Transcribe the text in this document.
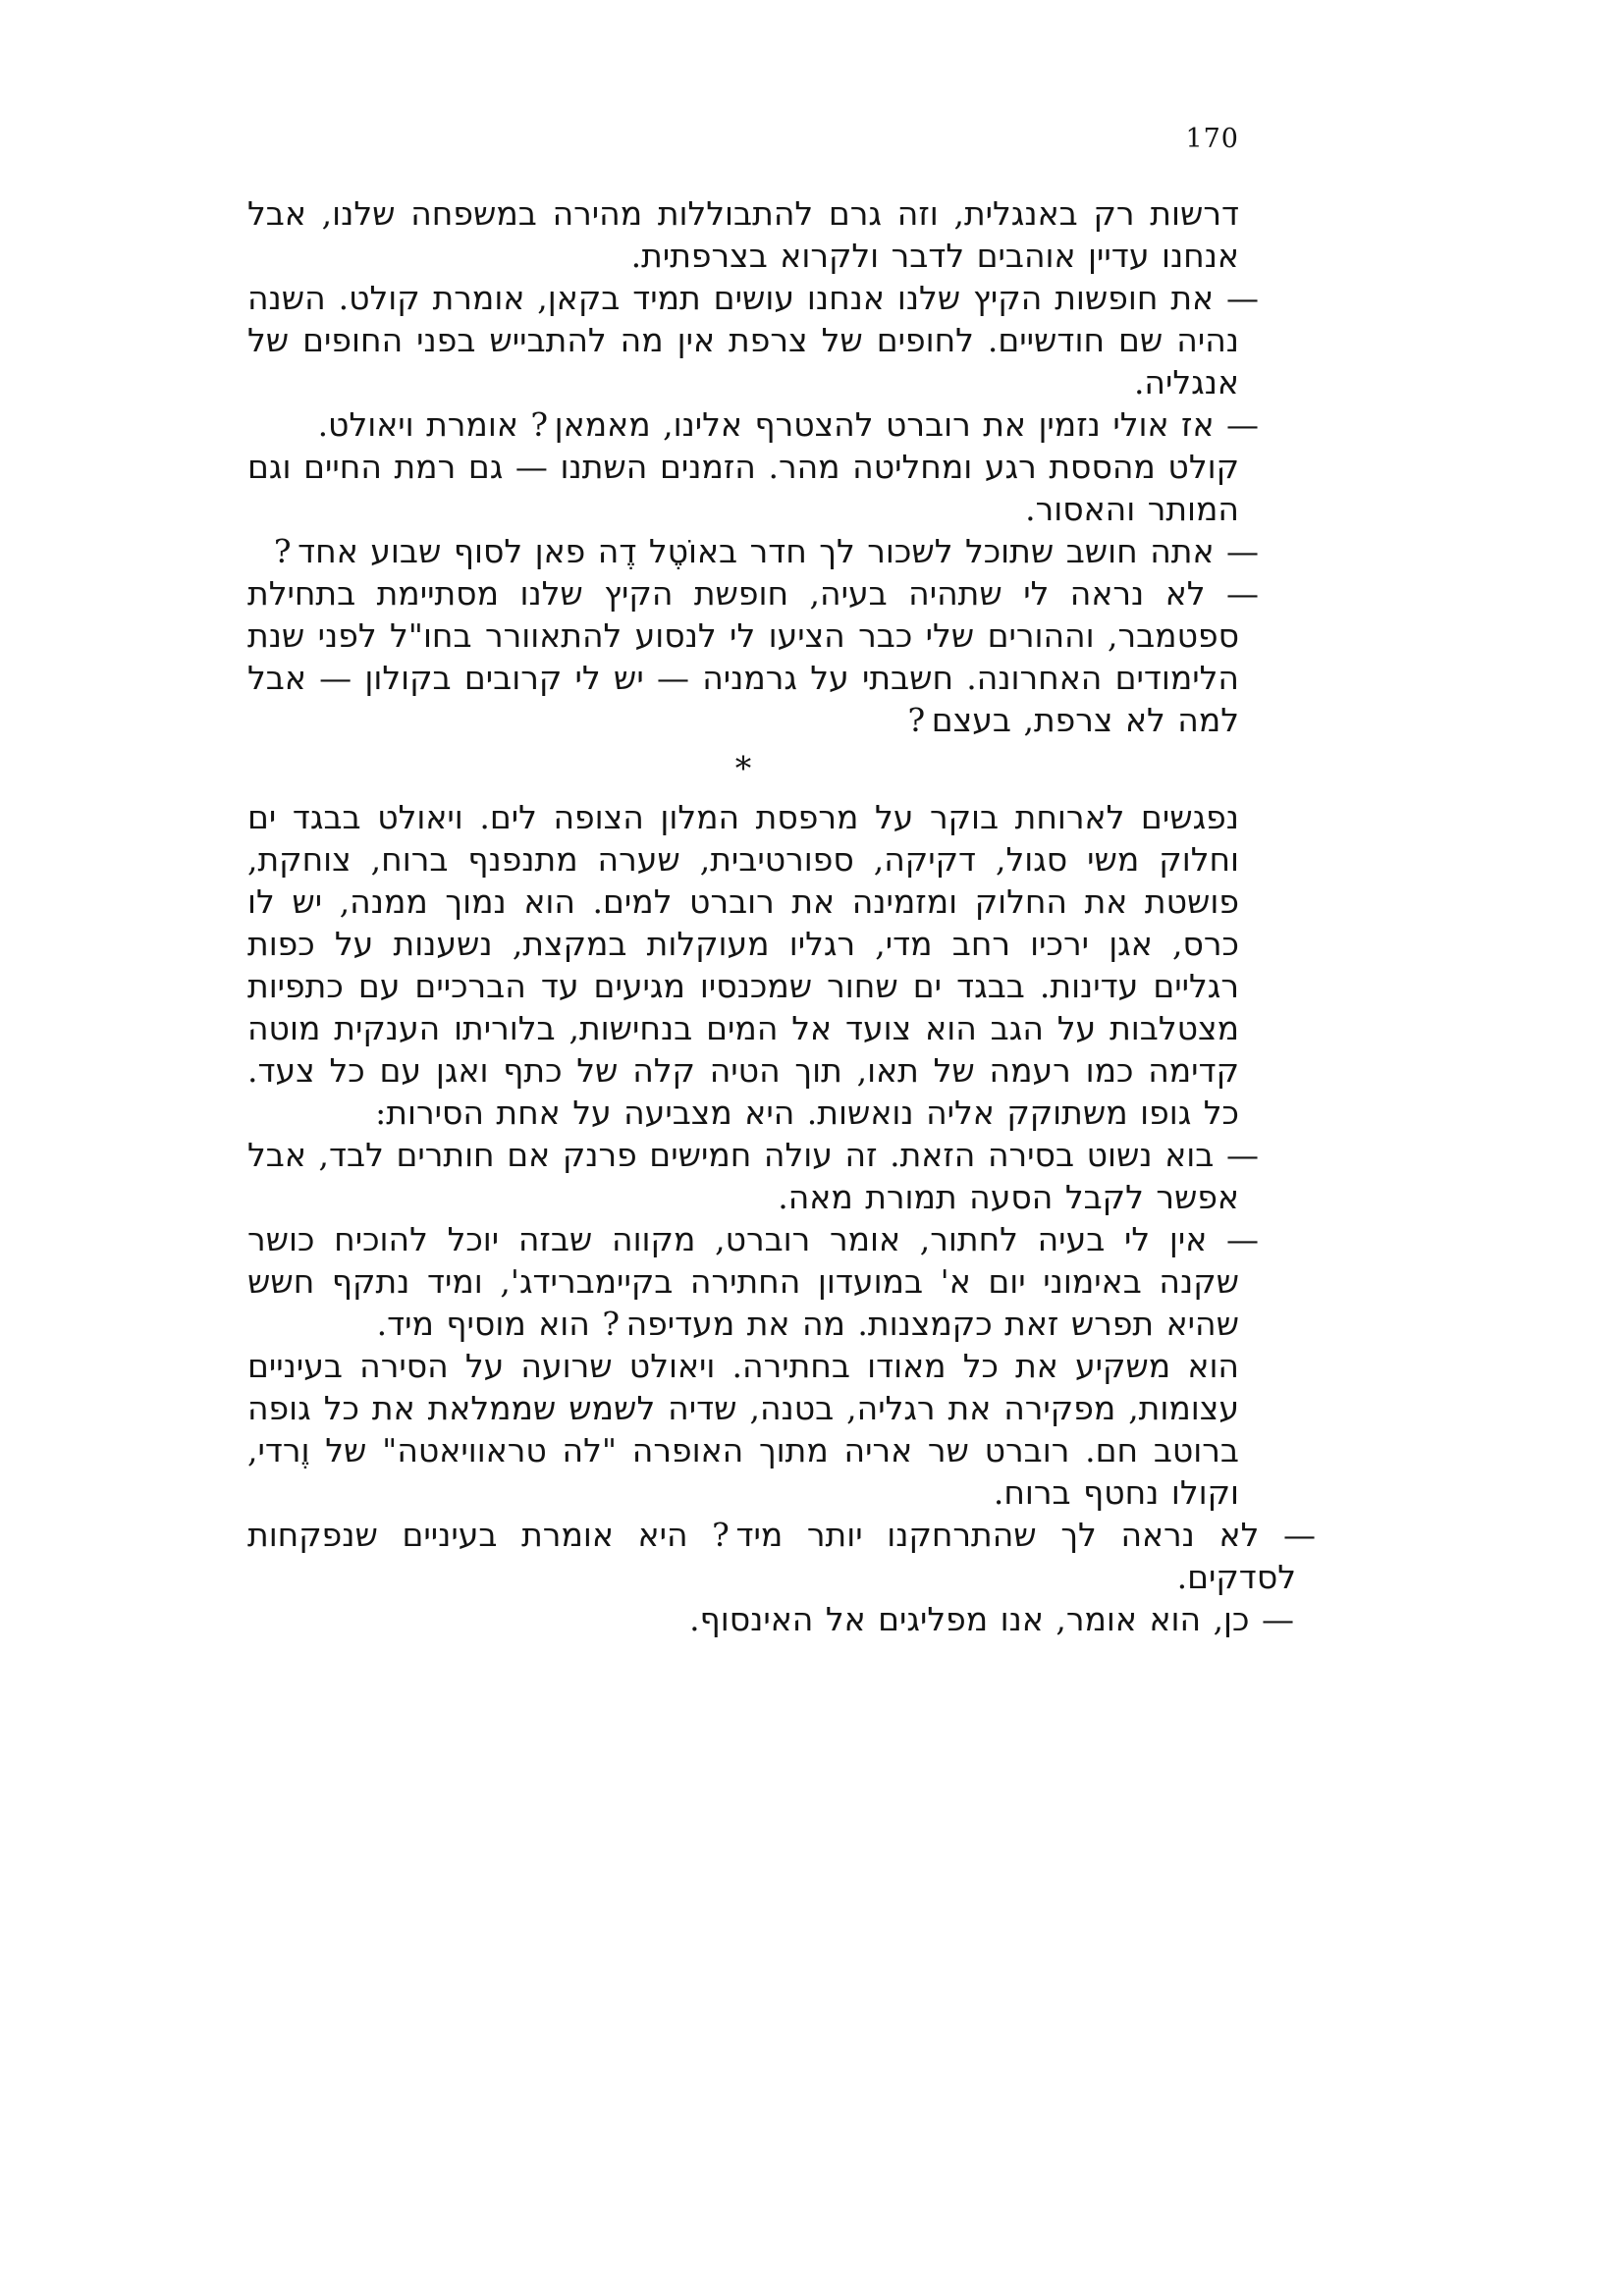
170

דרשות רק באנגלית, וזה גרם להתבוללות מהירה במשפחה שלנו, אבל אנחנו עדיין אוהבים לדבר ולקרוא בצרפתית.

— את חופשות הקיץ שלנו אנחנו עושים תמיד בקאן, אומרת קולט. השנה נהיה שם חודשיים. לחופים של צרפת אין מה להתבייש בפני החופים של אנגליה.

— אז אולי נזמין את רוברט להצטרף אלינו, מאמאן ? אומרת ויאולט.

קולט מהססת רגע ומחליטה מהר. הזמנים השתנו — גם רמת החיים וגם המותר והאסור.

— אתה חושב שתוכל לשכור לך חדר באוֹטֶל דֶה פאן לסוף שבוע אחד ?

— לא נראה לי שתהיה בעיה, חופשת הקיץ שלנו מסתיימת בתחילת ספטמבר, וההורים שלי כבר הציעו לי לנסוע להתאוורר בחו"ל לפני שנת הלימודים האחרונה. חשבתי על גרמניה — יש לי קרובים בקולון — אבל למה לא צרפת, בעצם ?

*

נפגשים לארוחת בוקר על מרפסת המלון הצופה לים. ויאולט בבגד ים וחלוק משי סגול, דקיקה, ספורטיבית, שערה מתנפנף ברוח, צוחקת, פושטת את החלוק ומזמינה את רוברט למים. הוא נמוך ממנה, יש לו כרס, אגן ירכיו רחב מדי, רגליו מעוקלות במקצת, נשענות על כפות רגליים עדינות. בבגד ים שחור שמכנסיו מגיעים עד הברכיים עם כתפיות מצטלבות על הגב הוא צועד אל המים בנחישות, בלוריתו הענקית מוטה קדימה כמו רעמה של תאו, תוך הטיה קלה של כתף ואגן עם כל צעד. כל גופו משתוקק אליה נואשות. היא מצביעה על אחת הסירות:

— בוא נשוט בסירה הזאת. זה עולה חמישים פרנק אם חותרים לבד, אבל אפשר לקבל הסעה תמורת מאה.

— אין לי בעיה לחתור, אומר רוברט, מקווה שבזה יוכל להוכיח כושר שקנה באימוני יום א' במועדון החתירה בקיימברידג', ומיד נתקף חשש שהיא תפרש זאת כקמצנות. מה את מעדיפה ? הוא מוסיף מיד.

הוא משקיע את כל מאודו בחתירה. ויאולט שרועה על הסירה בעיניים עצומות, מפקירה את רגליה, בטנה, שדיה לשמש שממלאת את כל גופה ברוטב חם. רוברט שר אריה מתוך האופרה "לה טראוויאטה" של וֶרדי, וקולו נחטף ברוח.

— לא נראה לך שהתרחקנו יותר מיד ? היא אומרת בעיניים שנפקחות לסדקים.

— כן, הוא אומר, אנו מפליגים אל האינסוף.
